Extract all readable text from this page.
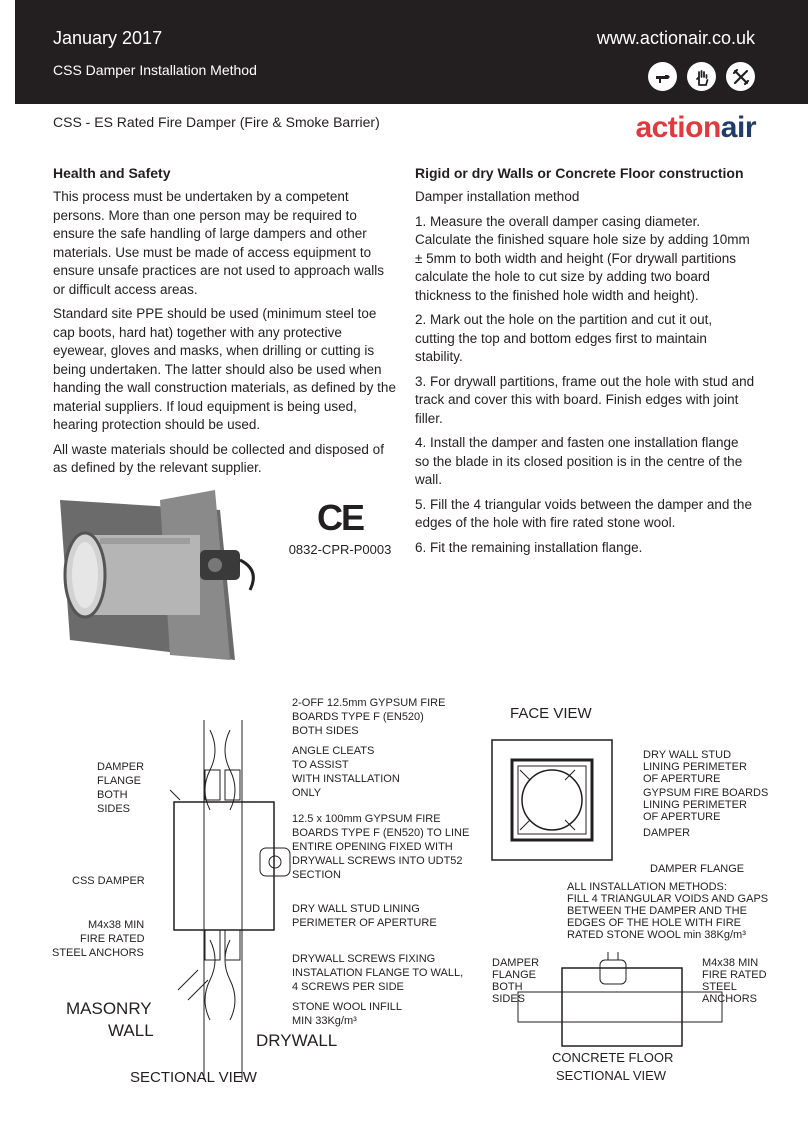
January 2017	www.actionair.co.uk
CSS Damper Installation Method
CSS - ES Rated Fire Damper (Fire & Smoke Barrier)	actionair
Health and Safety

This process must be undertaken by a competent persons. More than one person may be required to ensure the safe handling of large dampers and other materials. Use must be made of access equipment to ensure unsafe practices are not used to approach walls or difficult access areas.

Standard site PPE should be used (minimum steel toe cap boots, hard hat) together with any protective eyewear, gloves and masks, when drilling or cutting is being undertaken. The latter should also be used when handing the wall construction materials, as defined by the material suppliers. If loud equipment is being used, hearing protection should be used.

All waste materials should be collected and disposed of as defined by the relevant supplier.

Rigid or dry Walls or Concrete Floor construction

Damper installation method

1. Measure the overall damper casing diameter. Calculate the finished square hole size by adding 10mm ± 5mm to both width and height (For drywall partitions calculate the hole to cut size by adding two board thickness to the finished hole width and height).

2. Mark out the hole on the partition and cut it out, cutting the top and bottom edges first to maintain stability.

3. For drywall partitions, frame out the hole with stud and track and cover this with board. Finish edges with joint filler.

4. Install the damper and fasten one installation flange so the blade in its closed position is in the centre of the wall.

5. Fill the 4 triangular voids between the damper and the edges of the hole with fire rated stone wool.

6. Fit the remaining installation flange.

CE
0832-CPR-P0003
2-OFF 12.5mm GYPSUM FIRE
BOARDS TYPE F (EN520)
BOTH SIDES
ANGLE CLEATS
TO ASSIST
WITH INSTALLATION
ONLY
DAMPER
FLANGE
BOTH
SIDES
12.5 x 100mm GYPSUM FIRE
BOARDS TYPE F (EN520) TO LINE
ENTIRE OPENING FIXED WITH
DRYWALL SCREWS INTO UDT52
SECTION
CSS DAMPER
DRY WALL STUD LINING
PERIMETER OF APERTURE
M4x38 MIN
FIRE RATED
STEEL ANCHORS	DRYWALL SCREWS FIXING
INSTALATION FLANGE TO WALL,
4 SCREWS PER SIDE
STONE WOOL INFILL
MIN 33Kg/m³
MASONRY
WALL
DRYWALL
SECTIONAL VIEW
FACE VIEW
DRY WALL STUD
LINING PERIMETER
OF APERTURE
GYPSUM FIRE BOARDS
LINING PERIMETER
OF APERTURE
DAMPER
DAMPER FLANGE
ALL INSTALLATION METHODS:
FILL 4 TRIANGULAR VOIDS AND GAPS
BETWEEN THE DAMPER AND THE
EDGES OF THE HOLE WITH FIRE
RATED STONE WOOL min 38Kg/m³
DAMPER
FLANGE
BOTH
SIDES
M4x38 MIN
FIRE RATED
STEEL
ANCHORS
CONCRETE FLOOR
SECTIONAL VIEW
